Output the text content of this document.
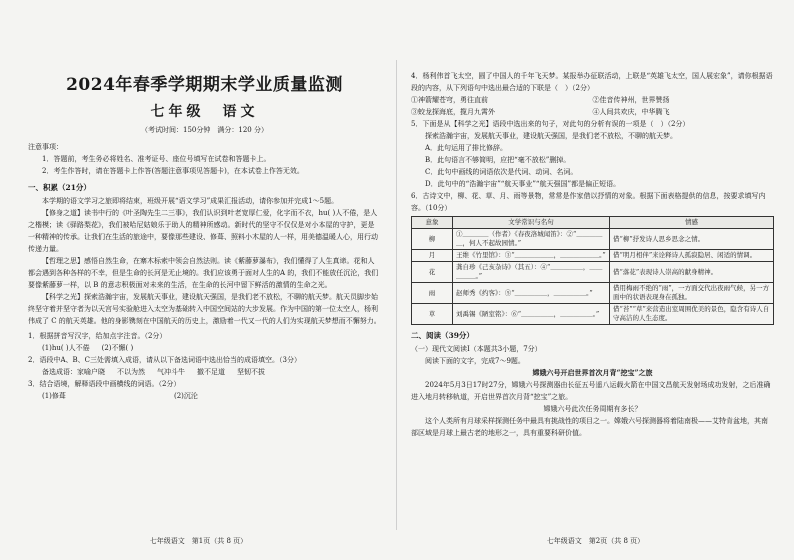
2024年春季学期期末学业质量监测
七年级　语文
（考试时间：150分钟　满分：120 分）

注意事项：

1．答题前，考生务必将姓名、准考证号、座位号填写在试卷和答题卡上。

2．考生作答时，请在答题卡上作答(答题注意事项见答题卡)，在本试卷上作答无效。

一、积累（21分）

本学期的语文学习之旅即将结束，班级开展“语文学习”成果汇报活动，请你参加并完成1～5题。

【修身之道】读书中行的《叶圣陶先生二三事》，我们认识到叶老宽厚仁爱，化字而不衣，hu( )人不倦，是人之楷模；读《驿路梨花》，我们被哈尼姑娘乐于助人的精神所感动。新时代的坚守不仅仅是对小本屋的守护，更是一种精神的传承。让我们在生活的旅途中，要像那些建设、修葺、照料小木屋的人一样，用美德温暖人心，用行动传递力量。

【哲理之思】感悟自然生命，在寨木标索中领会自然法则。读《紫藤萝瀑布》，我们懂得了人生真谛。花和人都会遇到各种各样的不幸，但是生命的长河是无止境的。我们应该勇于面对人生的A 的，我们不能放任沉沦，我们要像紫藤萝一样，以 B 的意志积极面对未来的生活，在生命的长河中留下鲜活的激情的生命之光。

【科学之光】探索浩瀚宇宙，发展航天事业，建设航天强国，是我们老不放松，不聊的航天梦。航天员脚步始终坚守着并坚守者为以天宫号实验舱进入太空为基础转入中国空间站的大步发展。作为中国的第一位太空人，杨利伟成了 C 的航天英雄。他的身影镌刻在中国航天的历史上，激励着一代又一代的人们为实现航天梦想而不懈努力。

1．根据拼音写汉字，给加点字注音。（2分）

(1)hu( )人不倦 (2)不懈( )

2．语段中A、B、C三处需填入成语，请从以下备选词语中选出恰当的成语填空。（3分）

备选成语：家喻户晓 不以为然 气冲斗牛 撤不足道 坚韧不拔

3．结合语境，解释语段中画横线的词语。（2分）

(1)修葺	(2)沉沦
七年级语文　第1页（共 8 页）

4．杨利伟首飞太空，圆了中国人的千年飞天梦。某报举办征联活动，上联是“英雄飞太空，国人展宏象”，请你根据语段的内容，从下列语句中选出最合适的下联是（　）（2分）

①神箭耀苍穹，勇往直前	②佳音传神州，世界赞扬
③蛟龙探海底，揽月九霄外	④人间共欢庆，中华腾飞

5．下面是从【科学之光】语段中选出来的句子，对此句的分析有误的一项是（　）（2分）

探索浩瀚宇宙，发展航天事业，建设航天强国，是我们老不放松，不聊的航天梦。

A．此句运用了排比修辞。

B．此句语言不够简明，应把“毫不放松”删掉。

C．此句中画线的词语依次是代词、动词、名词。

D．此句中的“浩瀚宇宙”“航天事业”“航天强国”都是偏正短语。

6．古诗文中，柳、花、草、月、雨等景物，常常是作家借以抒情的对象。根据下面表格提供的信息，按要求填写内容。（10分）

意象	文学常识与名句	情感
柳	①＿＿＿＿（作者）《春夜洛城闻笛》：②“＿＿＿＿＿，何人不起故园情。”	借“柳”抒发诗人思乡思念之情。
月	王维《竹里馆》：③“＿＿＿＿＿＿，＿＿＿＿＿＿。”	借“明月相伴”来诠释诗人孤寂隐居、闲适的情调。
花	龚自珍《己亥杂诗》（其五）：④“＿＿＿＿＿，＿＿＿＿＿。”	借“落花”表现诗人崇高的献身精神。
雨	赵师秀《约客》：⑤“＿＿＿＿＿，＿＿＿＿＿。”	借用梅雨不绝的“雨”，一方面交代出夜雨气候，另一方面中的状语表现身在孤独。
草	刘禹锡《陋室铭》：⑥“＿＿＿＿＿，＿＿＿＿＿。”	借“苔”“草”来营造出室周围优美的景色，隐含有诗人自守高洁的人生态度。
二、阅读（39分）

（一）现代文阅读Ⅰ（本题共3小题，7分）

阅读下面的文字，完成7～9题。

嫦娥六号开启世界首次月背“挖宝”之旅

2024年5月3日17时27分，嫦娥六号探测器由长征五号遥八运载火箭在中国文昌航天发射场成功发射，之后准确进入地月转移轨道，开启世界首次月背“挖宝”之旅。

嫦娥六号此次任务周期有多长？

这个人类所有月球采样探测任务中最具有挑战性的项目之一。嫦娥六号探测器将着陆南极——艾特肯盆地，其南部区域是月球上最古老的地形之一，具有重要科研价值。

七年级语文　第2页（共 8 页）
